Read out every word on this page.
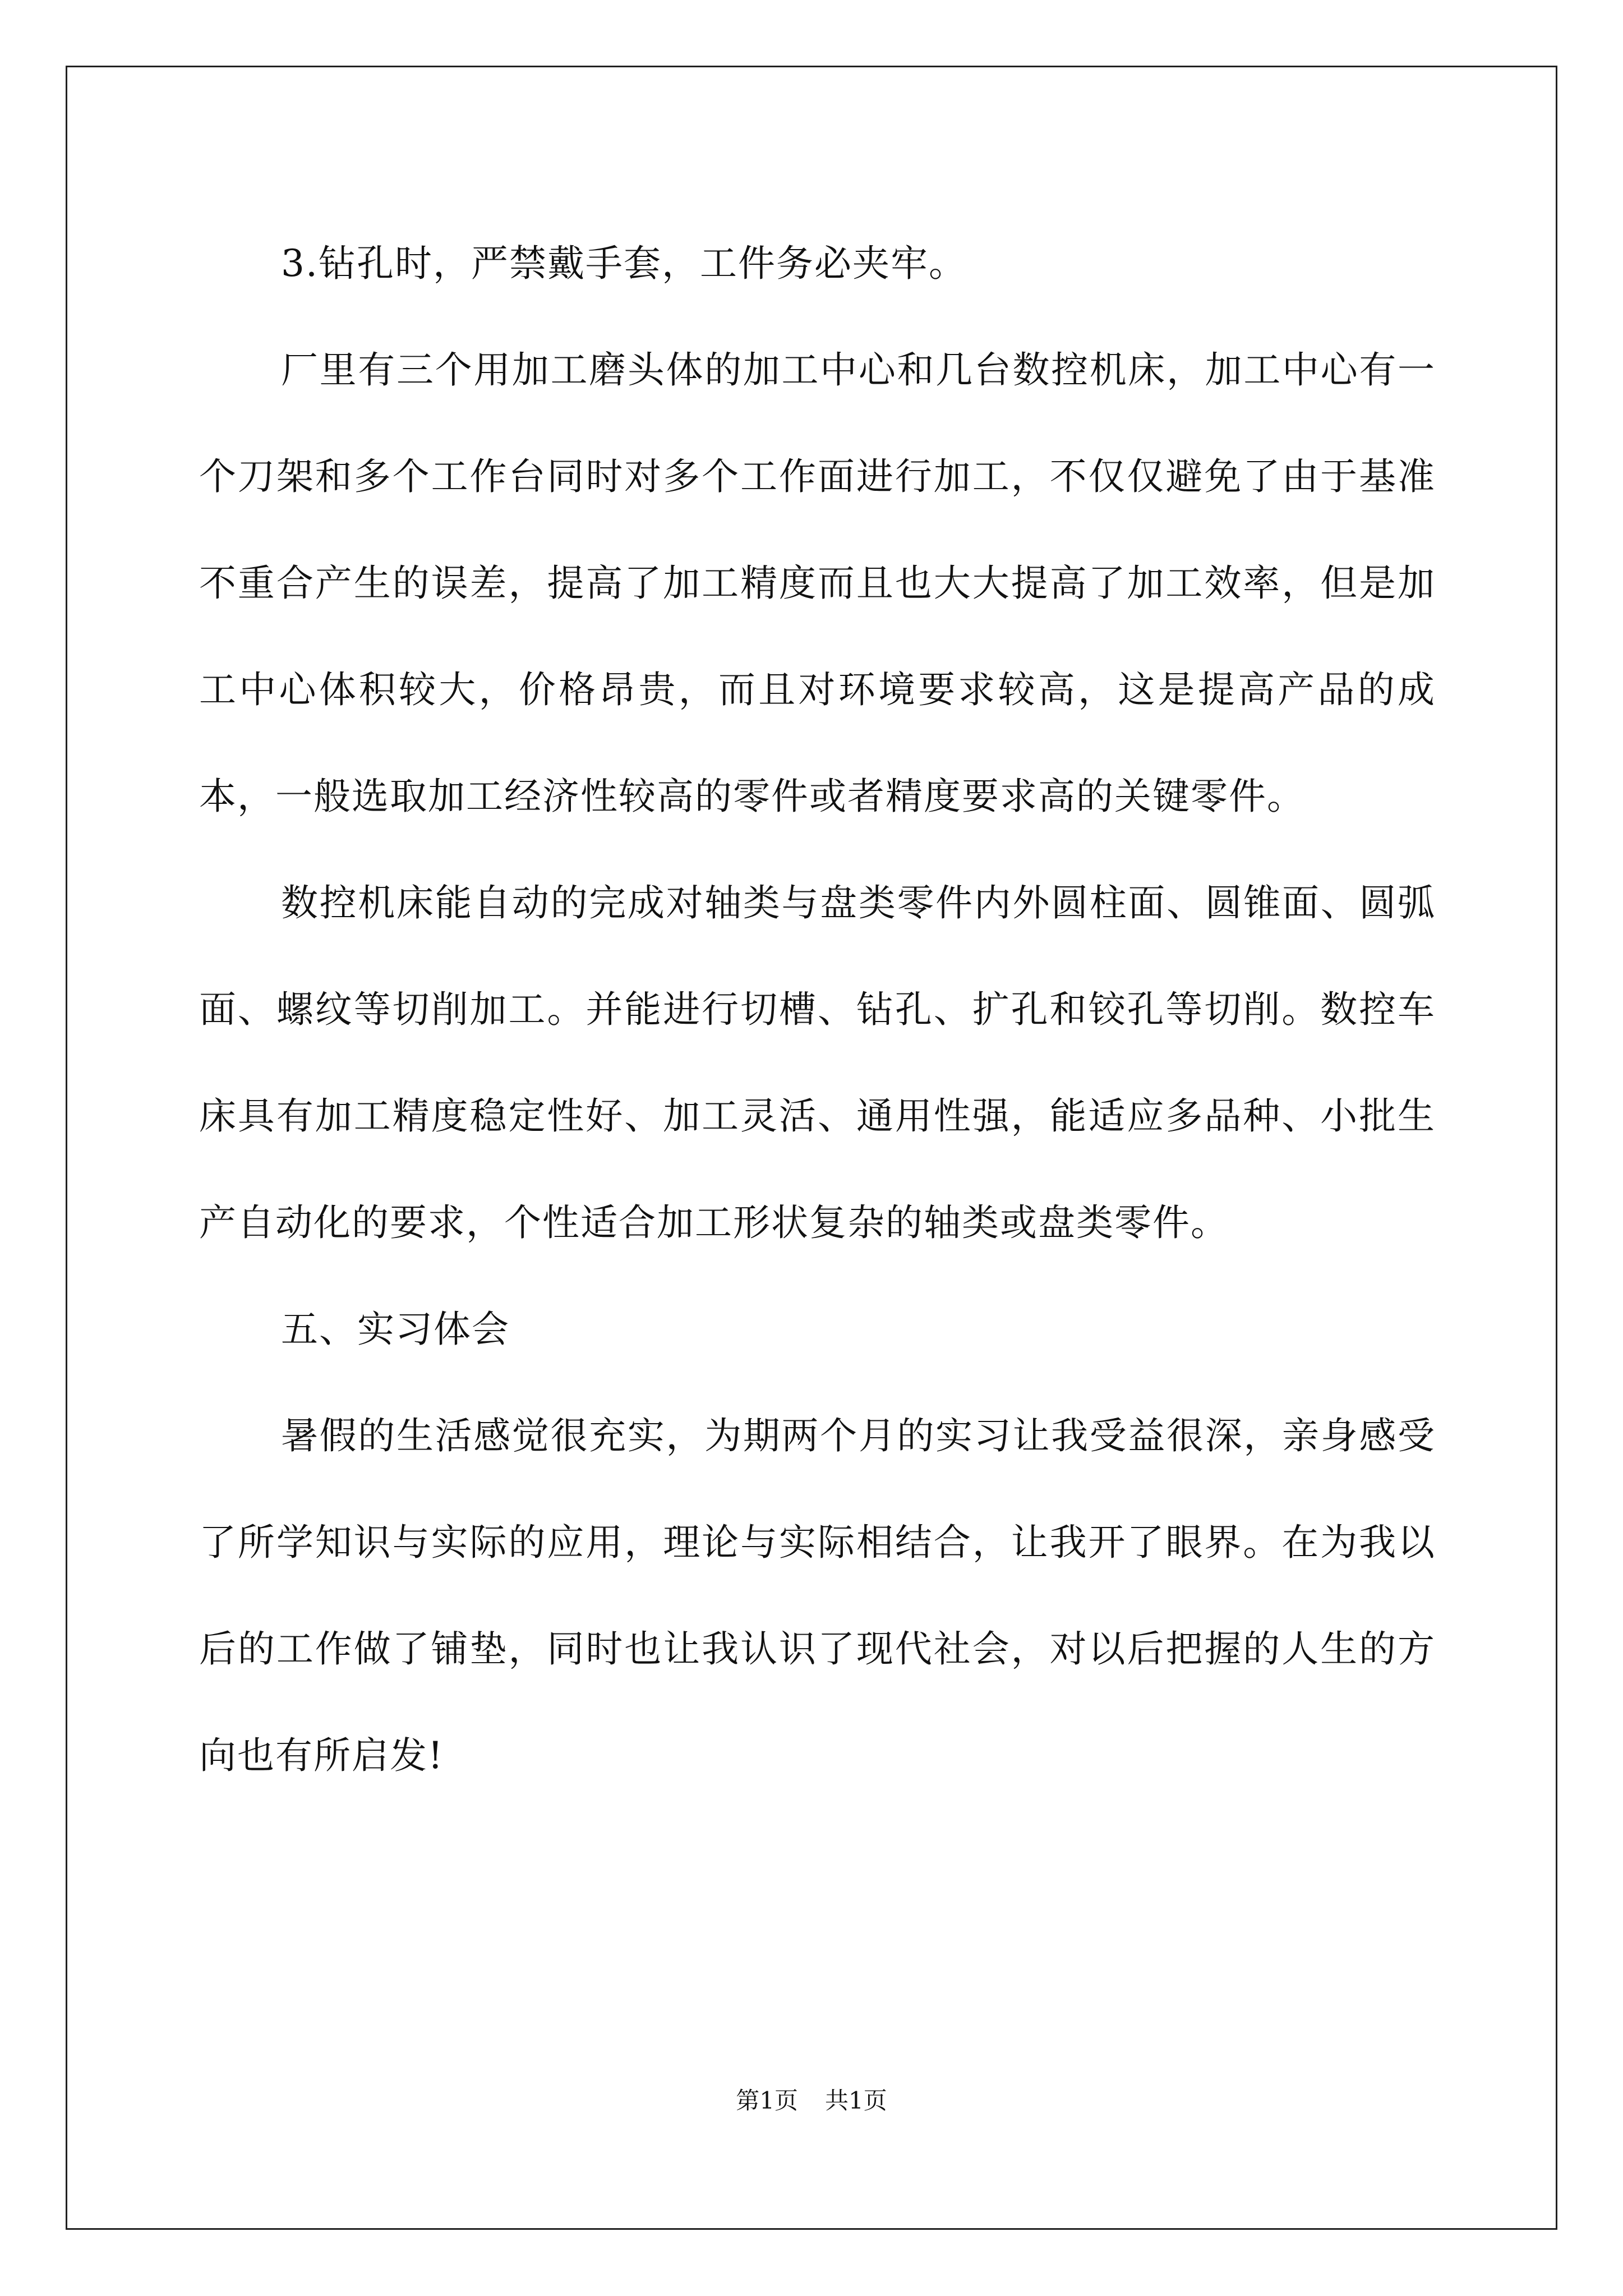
3.钻孔时，严禁戴手套，工件务必夹牢。

厂里有三个用加工磨头体的加工中心和几台数控机床，加工中心有一个刀架和多个工作台同时对多个工作面进行加工，不仅仅避免了由于基准不重合产生的误差，提高了加工精度而且也大大提高了加工效率，但是加工中心体积较大，价格昂贵，而且对环境要求较高，这是提高产品的成本，一般选取加工经济性较高的零件或者精度要求高的关键零件。

数控机床能自动的完成对轴类与盘类零件内外圆柱面、圆锥面、圆弧面、螺纹等切削加工。并能进行切槽、钻孔、扩孔和铰孔等切削。数控车床具有加工精度稳定性好、加工灵活、通用性强，能适应多品种、小批生产自动化的要求，个性适合加工形状复杂的轴类或盘类零件。

五、实习体会

暑假的生活感觉很充实，为期两个月的实习让我受益很深，亲身感受了所学知识与实际的应用，理论与实际相结合，让我开了眼界。在为我以后的工作做了铺垫，同时也让我认识了现代社会，对以后把握的人生的方向也有所启发!

第1页 共1页
